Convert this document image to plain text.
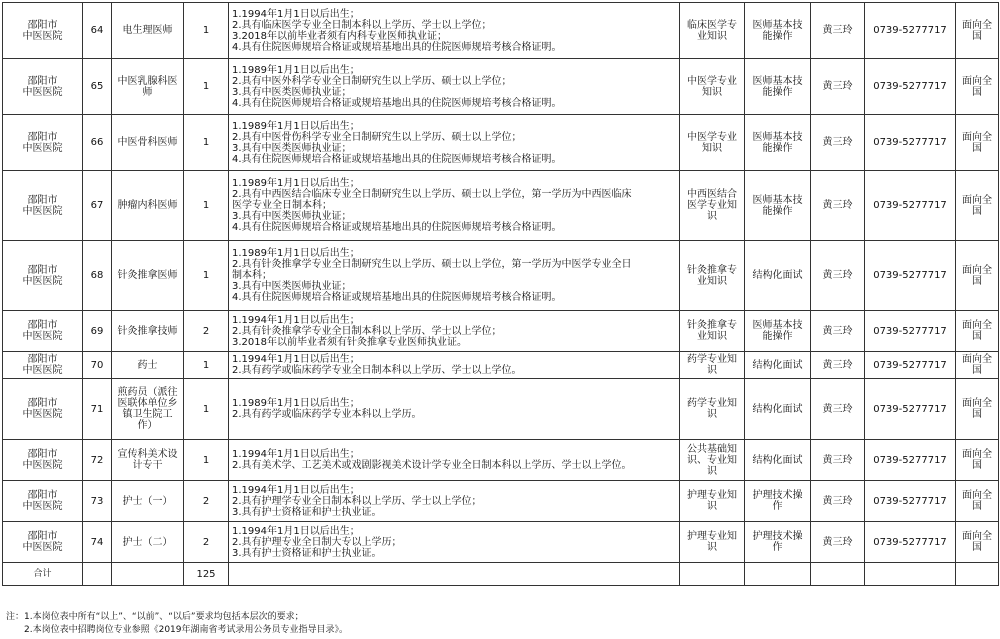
邵阳市
中医医院	64	电生理医师	1	1.1994年1月1日以后出生；
2.具有临床医学专业全日制本科以上学历、学士以上学位；
3.2018年以前毕业者须有内科专业医师执业证；
4.具有住院医师规培合格证或规培基地出具的住院医师规培考核合格证明。	临床医学专
业知识	医师基本技
能操作	黄三玲	0739-5277717	面向全
国
邵阳市
中医医院	65	中医乳腺科医
师	1	1.1989年1月1日以后出生；
2.具有中医外科学专业全日制研究生以上学历、硕士以上学位；
3.具有中医类医师执业证；
4.具有住院医师规培合格证或规培基地出具的住院医师规培考核合格证明。	中医学专业
知识	医师基本技
能操作	黄三玲	0739-5277717	面向全
国
邵阳市
中医医院	66	中医骨科医师	1	1.1989年1月1日以后出生；
2.具有中医骨伤科学专业全日制研究生以上学历、硕士以上学位；
3.具有中医类医师执业证；
4.具有住院医师规培合格证或规培基地出具的住院医师规培考核合格证明。	中医学专业
知识	医师基本技
能操作	黄三玲	0739-5277717	面向全
国
邵阳市
中医医院	67	肿瘤内科医师	1	1.1989年1月1日以后出生；
2.具有中西医结合临床专业全日制研究生以上学历、硕士以上学位，第一学历为中西医临床
医学专业全日制本科；
3.具有中医类医师执业证；
4.具有住院医师规培合格证或规培基地出具的住院医师规培考核合格证明。	中西医结合
医学专业知
识	医师基本技
能操作	黄三玲	0739-5277717	面向全
国
邵阳市
中医医院	68	针灸推拿医师	1	1.1989年1月1日以后出生；
2.具有针灸推拿学专业全日制研究生以上学历、硕士以上学位，第一学历为中医学专业全日
制本科；
3.具有中医类医师执业证；
4.具有住院医师规培合格证或规培基地出具的住院医师规培考核合格证明。	针灸推拿专
业知识	结构化面试	黄三玲	0739-5277717	面向全
国
邵阳市
中医医院	69	针灸推拿技师	2	1.1994年1月1日以后出生；
2.具有针灸推拿学专业全日制本科以上学历、学士以上学位；
3.2018年以前毕业者须有针灸推拿专业医师执业证。	针灸推拿专
业知识	医师基本技
能操作	黄三玲	0739-5277717	面向全
国
邵阳市
中医医院	70	药士	1	1.1994年1月1日以后出生；
2.具有药学或临床药学专业全日制本科以上学历、学士以上学位。	药学专业知
识	结构化面试	黄三玲	0739-5277717	面向全
国
邵阳市
中医医院	71	煎药员（派往
医联体单位乡
镇卫生院工
作）	1	1.1989年1月1日以后出生；
2.具有药学或临床药学专业本科以上学历。	药学专业知
识	结构化面试	黄三玲	0739-5277717	面向全
国
邵阳市
中医医院	72	宣传科美术设
计专干	1	1.1994年1月1日以后出生；
2.具有美术学、工艺美术或戏剧影视美术设计学专业全日制本科以上学历、学士以上学位。	公共基础知
识、专业知
识	结构化面试	黄三玲	0739-5277717	面向全
国
邵阳市
中医医院	73	护士（一）	2	1.1994年1月1日以后出生；
2.具有护理学专业全日制本科以上学历、学士以上学位；
3.具有护士资格证和护士执业证。	护理专业知
识	护理技术操
作	黄三玲	0739-5277717	面向全
国
邵阳市
中医医院	74	护士（二）	2	1.1994年1月1日以后出生；
2.具有护理专业全日制大专以上学历；
3.具有护士资格证和护士执业证。	护理专业知
识	护理技术操
作	黄三玲	0739-5277717	面向全
国
合计			125						
注：1.本岗位表中所有“以上”、“以前”、“以后”要求均包括本层次的要求；
　　2.本岗位表中招聘岗位专业参照《2019年湖南省考试录用公务员专业指导目录》。
